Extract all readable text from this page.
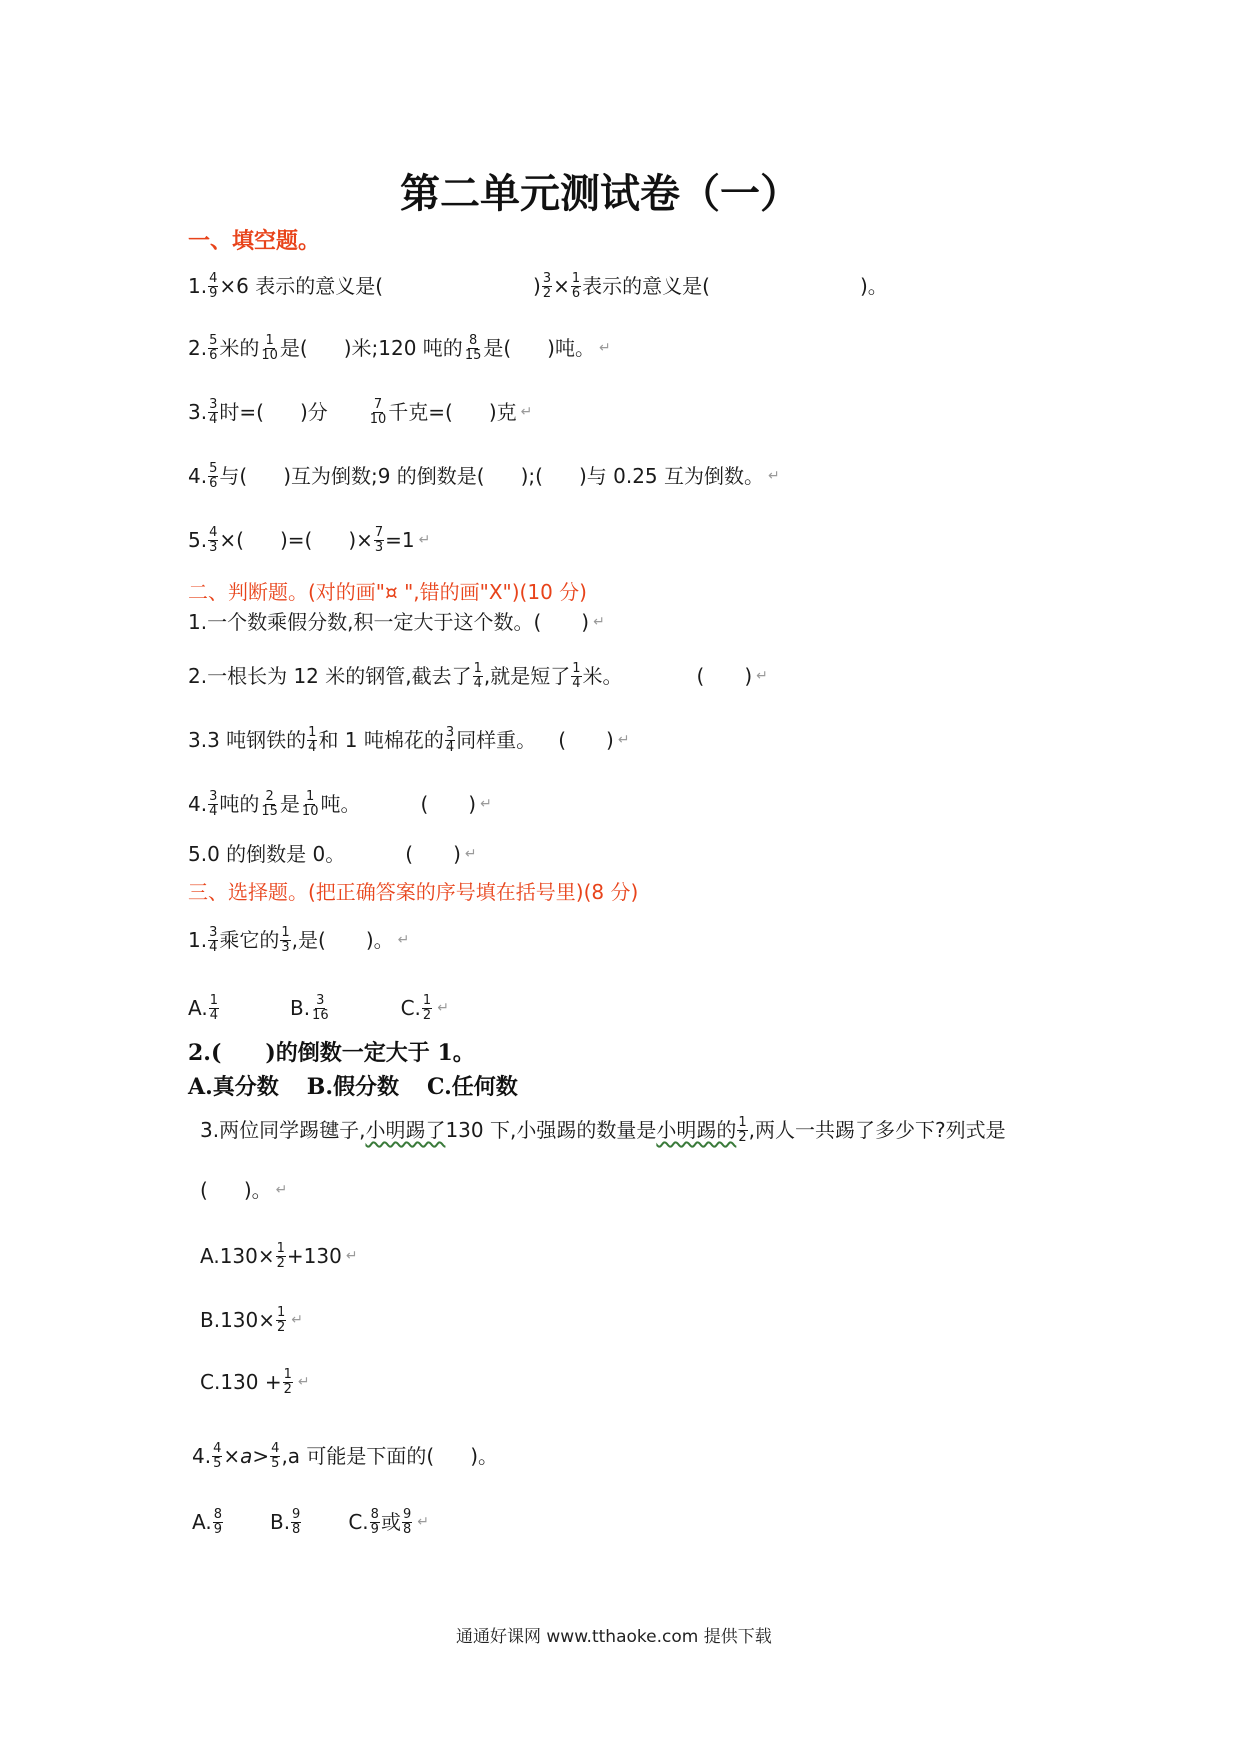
第二单元测试卷（一）
一、填空题。
1. $\frac{4}{9} \times 6$ 表示的意义是(	) $\frac{3}{2} \times \frac{1}{6}$ 表示的意义是(	)。
2. $\frac{5}{6}$ 米的 $\frac{1}{10}$ 是( )米;120 吨的 $\frac{8}{15}$ 是( )吨。 ↵
3. $\frac{3}{4}$ 时=( )分	$\frac{7}{10}$ 千克=( )克 ↵
4. $\frac{5}{6}$ 与( )互为倒数;9 的倒数是( );( )与 0.25 互为倒数。 ↵
5. $\frac{4}{3}$ ×( )=( )× $\frac{7}{3} =1$ ↵
二、判断题。(对的画"¤ ",错的画"X")(10 分)
1.一个数乘假分数,积一定大于这个数。( ) ↵
2.一根长为 12 米的钢管,截去了 $\frac{1}{4}$ ,就是短了 $\frac{1}{4}$ 米。	( ) ↵
3.3 吨钢铁的 $\frac{1}{4}$ 和 1 吨棉花的 $\frac{3}{4}$ 同样重。 ( ) ↵
4. $\frac{3}{4}$ 吨的 $\frac{2}{15}$ 是 $\frac{1}{10}$ 吨。	( ) ↵
5.0 的倒数是 0。	( ) ↵
三、选择题。(把正确答案的序号填在括号里)(8 分)
1. $\frac{3}{4}$ 乘它的 $\frac{1}{3}$ ,是( )。 ↵
A. $\frac{1}{4}$	B. $\frac{3}{16}$	C. $\frac{1}{2}$ ↵
2.(　　)的倒数一定大于 1。
A.真分数 B.假分数 C.任何数
3.两位同学踢毽子, 小明踢了 130 下,小强踢的数量是 小明踢的 $\frac{1}{2}$ ,两人一共踢了多少下?列式是
( )。 ↵
$A.130\times \frac{1}{2} +130$ ↵
$B.130\times \frac{1}{2}$ ↵
$C.130 + \frac{1}{2}$ ↵
4. $\frac{4}{5} \times a> \frac{4}{5} ,a$ 可能是下面的( )。
A. $\frac{8}{9} B$. $\frac{9}{8} C$. $\frac{8}{9}$ 或 $\frac{9}{8}$ ↵
通通好课网 www.tthaoke.com 提供下载
